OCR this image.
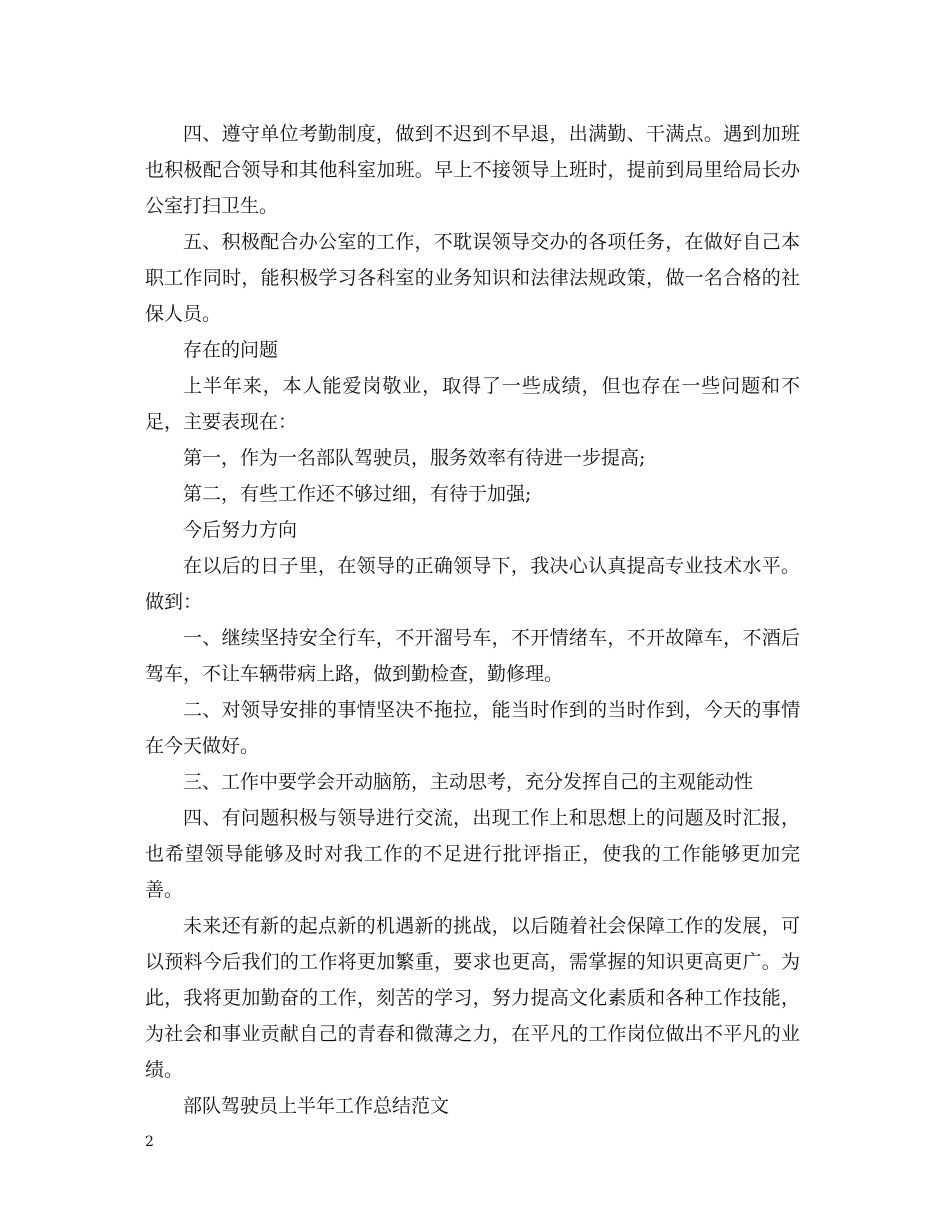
四、遵守单位考勤制度，做到不迟到不早退，出满勤、干满点。遇到加班也积极配合领导和其他科室加班。早上不接领导上班时，提前到局里给局长办公室打扫卫生。

五、积极配合办公室的工作，不耽误领导交办的各项任务，在做好自己本职工作同时，能积极学习各科室的业务知识和法律法规政策，做一名合格的社保人员。

存在的问题

上半年来，本人能爱岗敬业，取得了一些成绩，但也存在一些问题和不足，主要表现在：

第一，作为一名部队驾驶员，服务效率有待进一步提高;

第二，有些工作还不够过细，有待于加强;

今后努力方向

在以后的日子里，在领导的正确领导下，我决心认真提高专业技术水平。做到：

一、继续坚持安全行车，不开溜号车，不开情绪车，不开故障车，不酒后驾车，不让车辆带病上路，做到勤检查，勤修理。

二、对领导安排的事情坚决不拖拉，能当时作到的当时作到，今天的事情在今天做好。

三、工作中要学会开动脑筋，主动思考，充分发挥自己的主观能动性

四、有问题积极与领导进行交流，出现工作上和思想上的问题及时汇报，也希望领导能够及时对我工作的不足进行批评指正，使我的工作能够更加完善。

未来还有新的起点新的机遇新的挑战，以后随着社会保障工作的发展，可以预料今后我们的工作将更加繁重，要求也更高，需掌握的知识更高更广。为此，我将更加勤奋的工作，刻苦的学习，努力提高文化素质和各种工作技能，为社会和事业贡献自己的青春和微薄之力，在平凡的工作岗位做出不平凡的业绩。

部队驾驶员上半年工作总结范文

2
